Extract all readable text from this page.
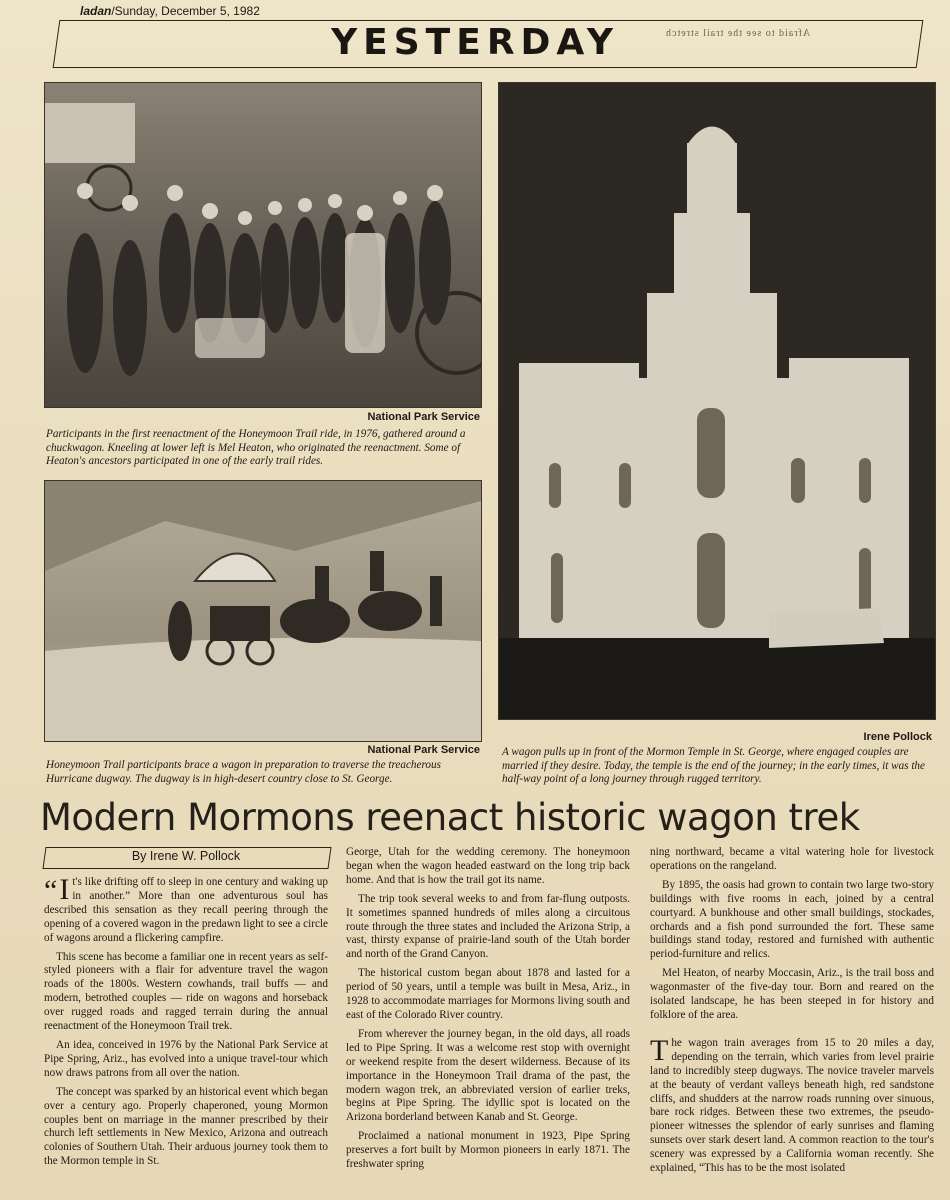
ladan/Sunday, December 5, 1982
YESTERDAY	Afraid to see the trail stretch
National Park Service
Participants in the first reenactment of the Honeymoon Trail ride, in 1976, gathered around a chuckwagon. Kneeling at lower left is Mel Heaton, who originated the reenactment. Some of Heaton's ancestors participated in one of the early trail rides.
National Park Service
Honeymoon Trail participants brace a wagon in preparation to traverse the treacherous Hurricane dugway. The dugway is in high-desert country close to St. George.
Irene Pollock
A wagon pulls up in front of the Mormon Temple in St. George, where engaged couples are married if they desire. Today, the temple is the end of the journey; in the early times, it was the half-way point of a long journey through rugged territory.
Modern Mormons reenact historic wagon trek
By Irene W. Pollock

“ I t's like drifting off to sleep in one century and waking up in another.” More than one adventurous soul has described this sensation as they recall peering through the opening of a covered wagon in the predawn light to see a circle of wagons around a flickering campfire.

This scene has become a familiar one in recent years as self-styled pioneers with a flair for adventure travel the wagon roads of the 1800s. Western cowhands, trail buffs — and modern, betrothed couples — ride on wagons and horseback over rugged roads and ragged terrain during the annual reenactment of the Honeymoon Trail trek.

An idea, conceived in 1976 by the National Park Service at Pipe Spring, Ariz., has evolved into a unique travel-tour which now draws patrons from all over the nation.

The concept was sparked by an historical event which began over a century ago. Properly chaperoned, young Mormon couples bent on marriage in the manner prescribed by their church left settlements in New Mexico, Arizona and outreach colonies of Southern Utah. Their arduous journey took them to the Mormon temple in St.

George, Utah for the wedding ceremony. The honeymoon began when the wagon headed eastward on the long trip back home. And that is how the trail got its name.

The trip took several weeks to and from far-flung outposts. It sometimes spanned hundreds of miles along a circuitous route through the three states and included the Arizona Strip, a vast, thirsty expanse of prairie-land south of the Utah border and north of the Grand Canyon.

The historical custom began about 1878 and lasted for a period of 50 years, until a temple was built in Mesa, Ariz., in 1928 to accommodate marriages for Mormons living south and east of the Colorado River country.

From wherever the journey began, in the old days, all roads led to Pipe Spring. It was a welcome rest stop with overnight or weekend respite from the desert wilderness. Because of its importance in the Honeymoon Trail drama of the past, the modern wagon trek, an abbreviated version of earlier treks, begins at Pipe Spring. The idyllic spot is located on the Arizona borderland between Kanab and St. George.

Proclaimed a national monument in 1923, Pipe Spring preserves a fort built by Mormon pioneers in early 1871. The freshwater spring

ning northward, became a vital watering hole for livestock operations on the rangeland.

By 1895, the oasis had grown to contain two large two-story buildings with five rooms in each, joined by a central courtyard. A bunkhouse and other small buildings, stockades, orchards and a fish pond surrounded the fort. These same buildings stand today, restored and furnished with authentic period-furniture and relics.

Mel Heaton, of nearby Moccasin, Ariz., is the trail boss and wagonmaster of the five-day tour. Born and reared on the isolated landscape, he has been steeped in for history and folklore of the area.

The wagon train averages from 15 to 20 miles a day, depending on the terrain, which varies from level prairie land to incredibly steep dugways. The novice traveler marvels at the beauty of verdant valleys beneath high, red sandstone cliffs, and shudders at the narrow roads running over sinuous, bare rock ridges. Between these two extremes, the pseudo-pioneer witnesses the splendor of early sunrises and flaming sunsets over stark desert land. A common reaction to the tour's scenery was expressed by a California woman recently. She explained, “This has to be the most isolated
